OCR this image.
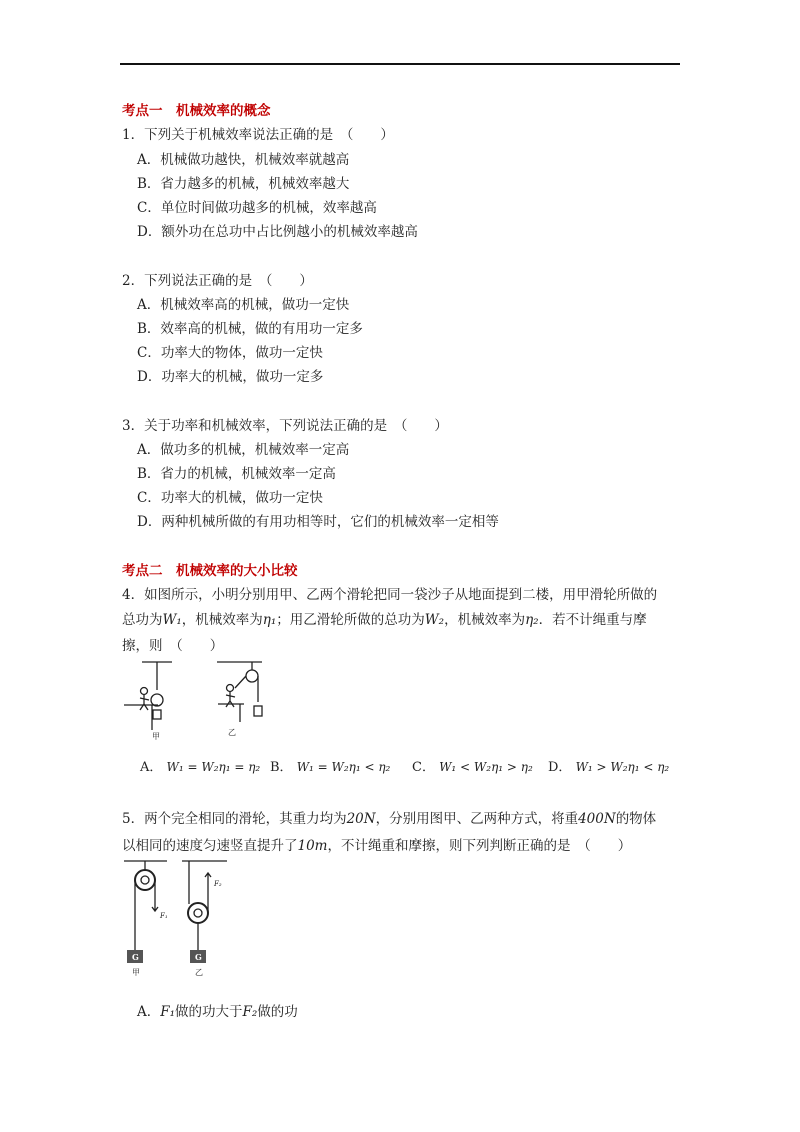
考点一　机械效率的概念
1．下列关于机械效率说法正确的是　（　　）
A．机械做功越快，机械效率就越高
B．省力越多的机械，机械效率越大
C．单位时间做功越多的机械，效率越高
D．额外功在总功中占比例越小的机械效率越高
2．下列说法正确的是　（　　）
A．机械效率高的机械，做功一定快
B．效率高的机械，做的有用功一定多
C．功率大的物体，做功一定快
D．功率大的机械，做功一定多
3．关于功率和机械效率，下列说法正确的是　（　　）
A．做功多的机械，机械效率一定高
B．省力的机械，机械效率一定高
C．功率大的机械，做功一定快
D．两种机械所做的有用功相等时，它们的机械效率一定相等
考点二　机械效率的大小比较
4．如图所示，小明分别用甲、乙两个滑轮把同一袋沙子从地面提到二楼，用甲滑轮所做的
总功为W₁，机械效率为η₁；用乙滑轮所做的总功为W₂，机械效率为η₂．若不计绳重与摩
擦，则　（　　）
甲	乙
A． W₁ = W₂η₁ = η₂ B． W₁ = W₂η₁ < η₂ C． W₁ < W₂η₁ > η₂ D． W₁ > W₂η₁ < η₂
5．两个完全相同的滑轮，其重力均为20N，分别用图甲、乙两种方式，将重400N的物体
以相同的速度匀速竖直提升了10m，不计绳重和摩擦，则下列判断正确的是　（　　）
G	G
F₁
F₂
甲	乙
A．F₁做的功大于F₂做的功
